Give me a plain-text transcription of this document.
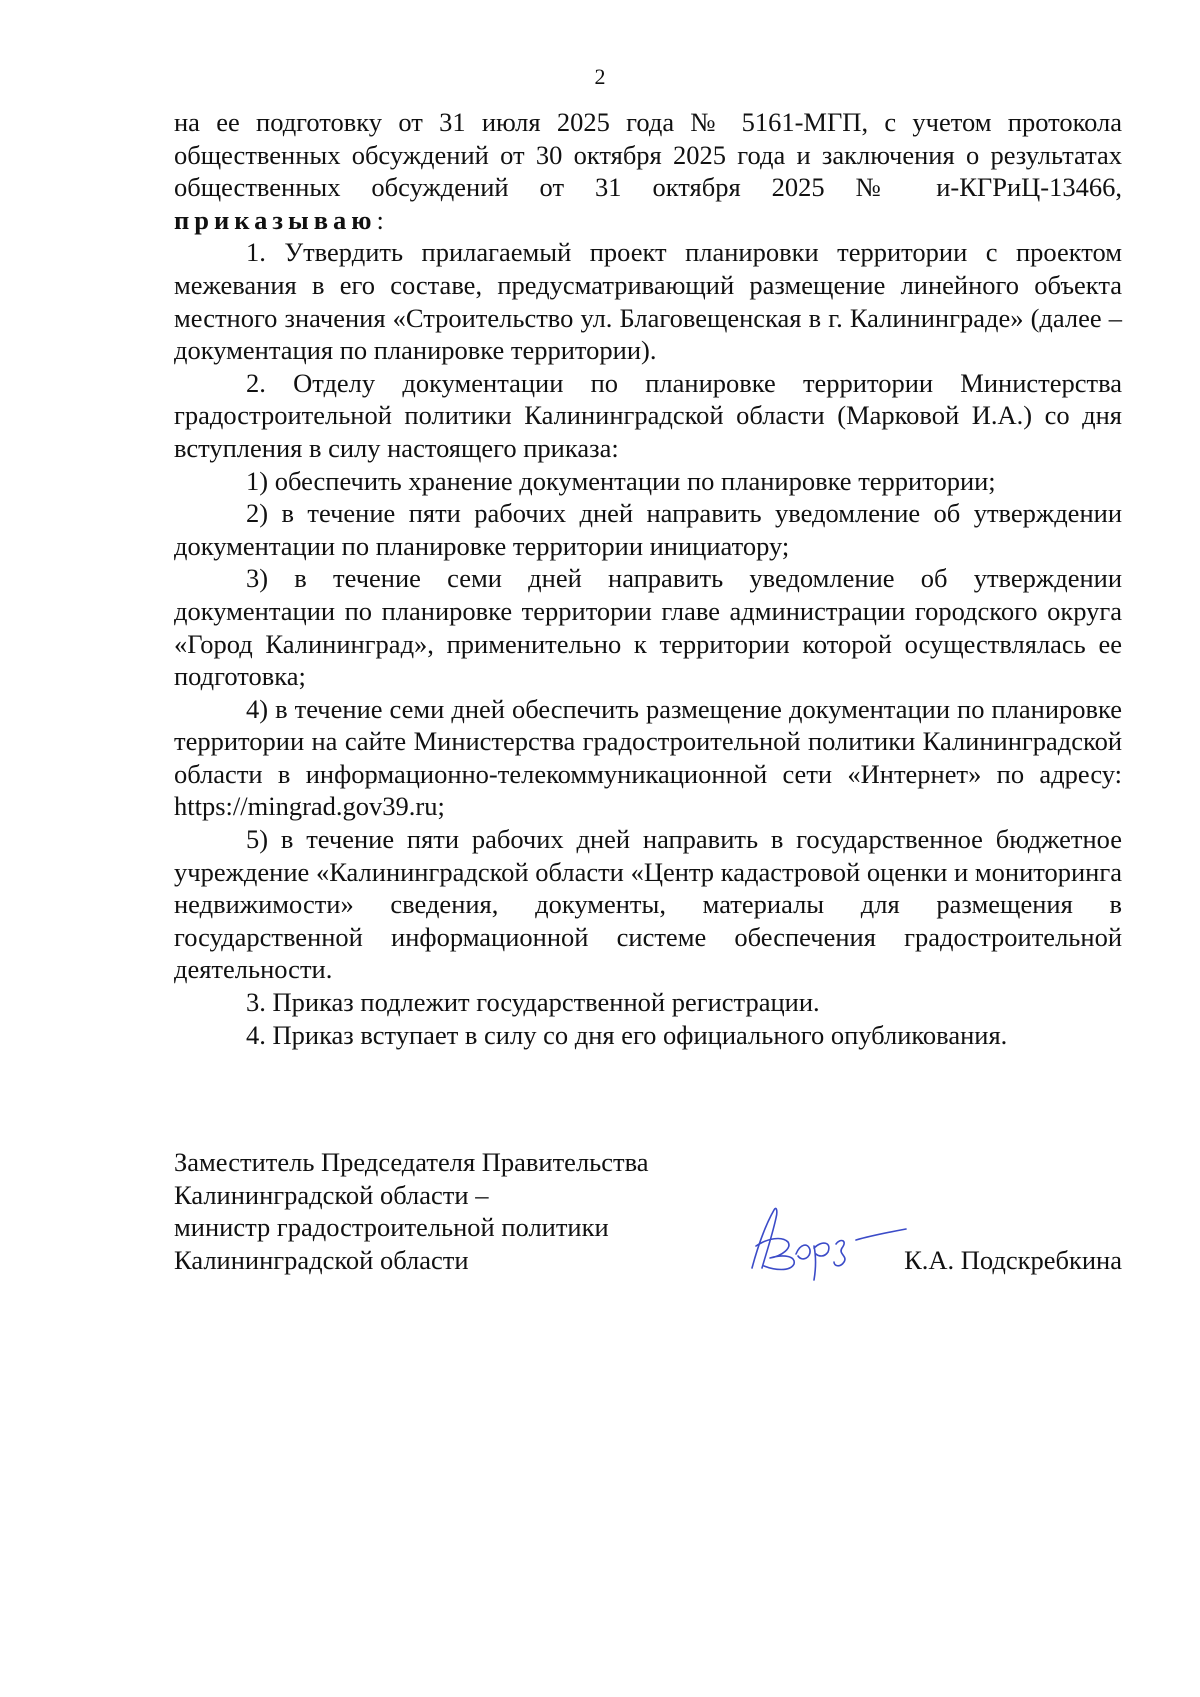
2

на ее подготовку от 31 июля 2025 года № 5161-МГП, с учетом протокола общественных обсуждений от 30 октября 2025 года и заключения о результатах общественных обсуждений от 31 октября 2025 № и-КГРиЦ-13466, приказываю:

1. Утвердить прилагаемый проект планировки территории с проектом межевания в его составе, предусматривающий размещение линейного объекта местного значения «Строительство ул. Благовещенская в г. Калининграде» (далее – документация по планировке территории).

2. Отделу документации по планировке территории Министерства градостроительной политики Калининградской области (Марковой И.А.) со дня вступления в силу настоящего приказа:

1) обеспечить хранение документации по планировке территории;

2) в течение пяти рабочих дней направить уведомление об утверждении документации по планировке территории инициатору;

3) в течение семи дней направить уведомление об утверждении документации по планировке территории главе администрации городского округа «Город Калининград», применительно к территории которой осуществлялась ее подготовка;

4) в течение семи дней обеспечить размещение документации по планировке территории на сайте Министерства градостроительной политики Калининградской области в информационно-телекоммуникационной сети «Интернет» по адресу: https://mingrad.gov39.ru;

5) в течение пяти рабочих дней направить в государственное бюджетное учреждение «Калининградской области «Центр кадастровой оценки и мониторинга недвижимости» сведения, документы, материалы для размещения в государственной информационной системе обеспечения градостроительной деятельности.

3. Приказ подлежит государственной регистрации.

4. Приказ вступает в силу со дня его официального опубликования.

Заместитель Председателя Правительства
Калининградской области –
министр градостроительной политики
Калининградской области	К.А. Подскребкина
